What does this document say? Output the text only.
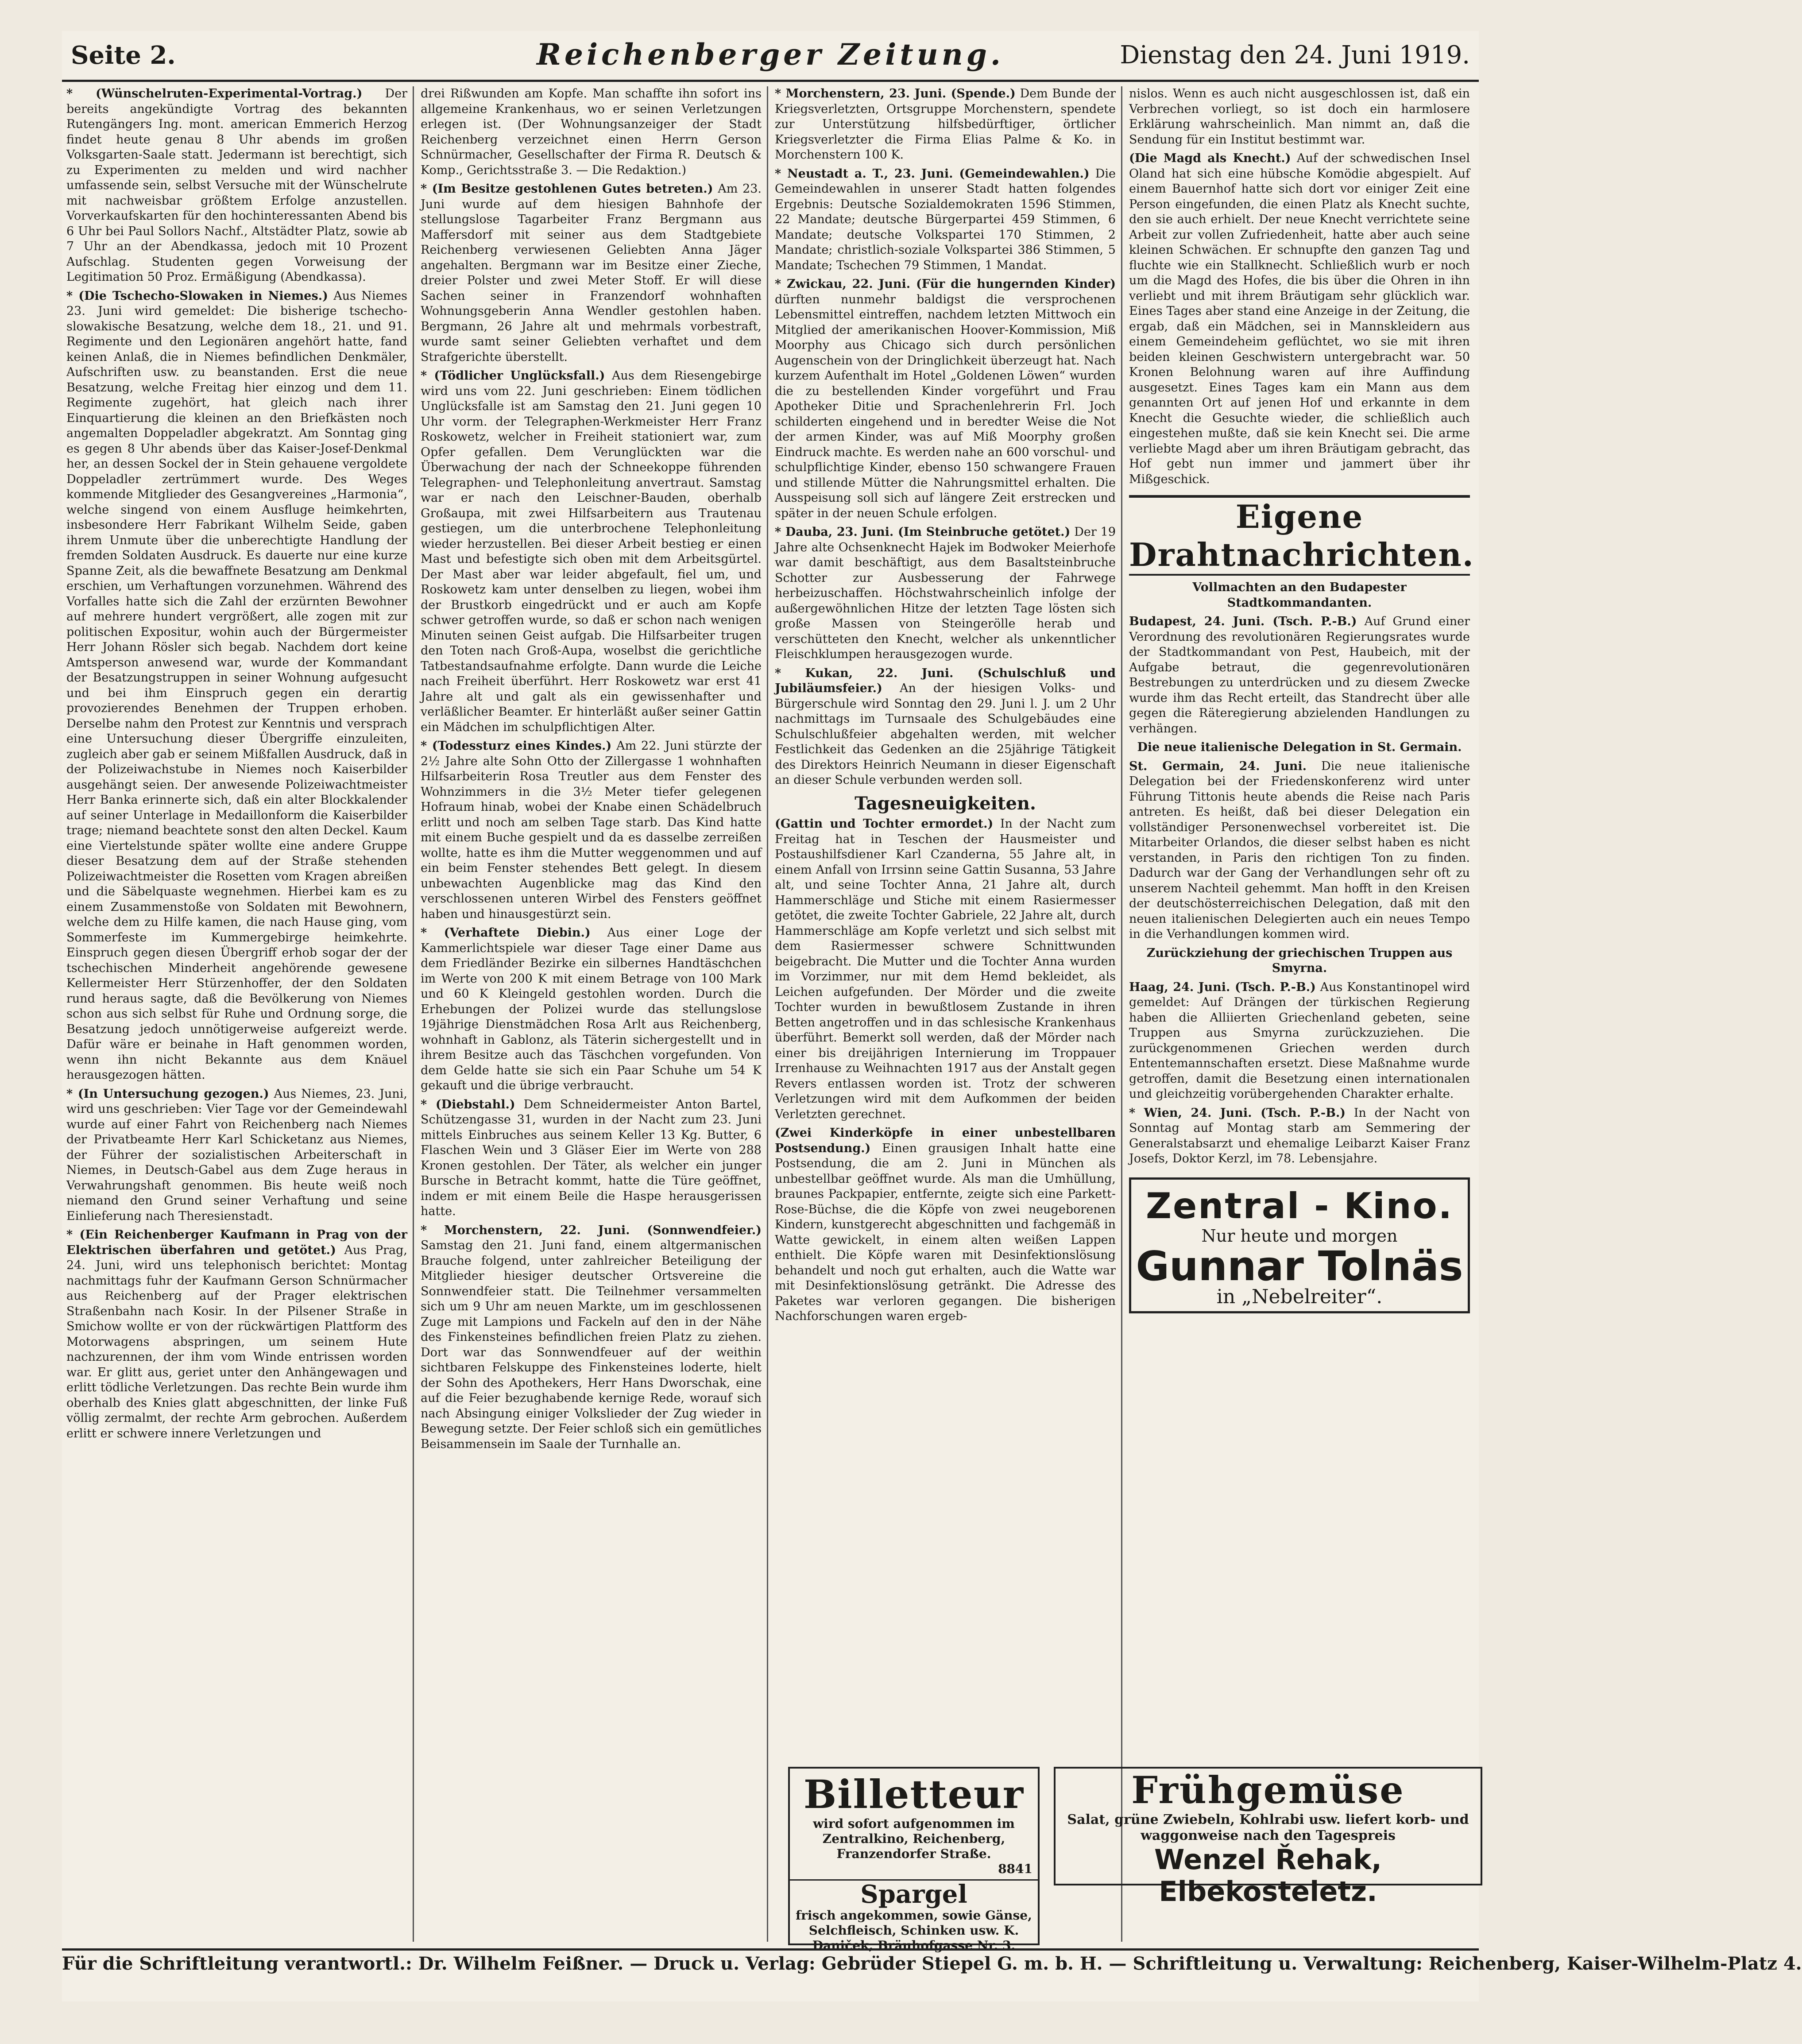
Seite 2.	Reichenberger Zeitung.	Dienstag den 24. Juni 1919.

* (Wünschelruten-Experimental-Vortrag.) Der bereits angekündigte Vortrag des bekannten Rutengängers Ing. mont. american Emmerich Herzog findet heute genau 8 Uhr abends im großen Volksgarten-Saale statt. Jedermann ist berechtigt, sich zu Experimenten zu melden und wird nachher umfassende sein, selbst Versuche mit der Wünschelrute mit nachweisbar größtem Erfolge anzustellen. Vorverkaufskarten für den hochinteressanten Abend bis 6 Uhr bei Paul Sollors Nachf., Altstädter Platz, sowie ab 7 Uhr an der Abendkassa, jedoch mit 10 Prozent Aufschlag. Studenten gegen Vorweisung der Legitimation 50 Proz. Ermäßigung (Abendkassa).

* (Die Tschecho-Slowaken in Niemes.) Aus Niemes 23. Juni wird gemeldet: Die bisherige tschecho-slowakische Besatzung, welche dem 18., 21. und 91. Regimente und den Legionären angehört hatte, fand keinen Anlaß, die in Niemes befindlichen Denkmäler, Aufschriften usw. zu beanstanden. Erst die neue Besatzung, welche Freitag hier einzog und dem 11. Regimente zugehört, hat gleich nach ihrer Einquartierung die kleinen an den Briefkästen noch angemalten Doppeladler abgekratzt. Am Sonntag ging es gegen 8 Uhr abends über das Kaiser-Josef-Denkmal her, an dessen Sockel der in Stein gehauene vergoldete Doppeladler zertrümmert wurde. Des Weges kommende Mitglieder des Gesangvereines „Harmonia“, welche singend von einem Ausfluge heimkehrten, insbesondere Herr Fabrikant Wilhelm Seide, gaben ihrem Unmute über die unberechtigte Handlung der fremden Soldaten Ausdruck. Es dauerte nur eine kurze Spanne Zeit, als die bewaffnete Besatzung am Denkmal erschien, um Verhaftungen vorzunehmen. Während des Vorfalles hatte sich die Zahl der erzürnten Bewohner auf mehrere hundert vergrößert, alle zogen mit zur politischen Expositur, wohin auch der Bürgermeister Herr Johann Rösler sich begab. Nachdem dort keine Amtsperson anwesend war, wurde der Kommandant der Besatzungstruppen in seiner Wohnung aufgesucht und bei ihm Einspruch gegen ein derartig provozierendes Benehmen der Truppen erhoben. Derselbe nahm den Protest zur Kenntnis und versprach eine Untersuchung dieser Übergriffe einzuleiten, zugleich aber gab er seinem Mißfallen Ausdruck, daß in der Polizeiwachstube in Niemes noch Kaiserbilder ausgehängt seien. Der anwesende Polizeiwachtmeister Herr Banka erinnerte sich, daß ein alter Blockkalender auf seiner Unterlage in Medaillonform die Kaiserbilder trage; niemand beachtete sonst den alten Deckel. Kaum eine Viertelstunde später wollte eine andere Gruppe dieser Besatzung dem auf der Straße stehenden Polizeiwachtmeister die Rosetten vom Kragen abreißen und die Säbelquaste wegnehmen. Hierbei kam es zu einem Zusammenstoße von Soldaten mit Bewohnern, welche dem zu Hilfe kamen, die nach Hause ging, vom Sommerfeste im Kummergebirge heimkehrte. Einspruch gegen diesen Übergriff erhob sogar der der tschechischen Minderheit angehörende gewesene Kellermeister Herr Stürzenhoffer, der den Soldaten rund heraus sagte, daß die Bevölkerung von Niemes schon aus sich selbst für Ruhe und Ordnung sorge, die Besatzung jedoch unnötigerweise aufgereizt werde. Dafür wäre er beinahe in Haft genommen worden, wenn ihn nicht Bekannte aus dem Knäuel herausgezogen hätten.

* (In Untersuchung gezogen.) Aus Niemes, 23. Juni, wird uns geschrieben: Vier Tage vor der Gemeindewahl wurde auf einer Fahrt von Reichenberg nach Niemes der Privatbeamte Herr Karl Schicketanz aus Niemes, der Führer der sozialistischen Arbeiterschaft in Niemes, in Deutsch-Gabel aus dem Zuge heraus in Verwahrungshaft genommen. Bis heute weiß noch niemand den Grund seiner Verhaftung und seine Einlieferung nach Theresienstadt.

* (Ein Reichenberger Kaufmann in Prag von der Elektrischen überfahren und getötet.) Aus Prag, 24. Juni, wird uns telephonisch berichtet: Montag nachmittags fuhr der Kaufmann Gerson Schnürmacher aus Reichenberg auf der Prager elektrischen Straßenbahn nach Kosir. In der Pilsener Straße in Smichow wollte er von der rückwärtigen Plattform des Motorwagens abspringen, um seinem Hute nachzurennen, der ihm vom Winde entrissen worden war. Er glitt aus, geriet unter den Anhängewagen und erlitt tödliche Verletzungen. Das rechte Bein wurde ihm oberhalb des Knies glatt abgeschnitten, der linke Fuß völlig zermalmt, der rechte Arm gebrochen. Außerdem erlitt er schwere innere Verletzungen und

drei Rißwunden am Kopfe. Man schaffte ihn sofort ins allgemeine Krankenhaus, wo er seinen Verletzungen erlegen ist. (Der Wohnungsanzeiger der Stadt Reichenberg verzeichnet einen Herrn Gerson Schnürmacher, Gesellschafter der Firma R. Deutsch & Komp., Gerichtsstraße 3. — Die Redaktion.)

* (Im Besitze gestohlenen Gutes betreten.) Am 23. Juni wurde auf dem hiesigen Bahnhofe der stellungslose Tagarbeiter Franz Bergmann aus Maffersdorf mit seiner aus dem Stadtgebiete Reichenberg verwiesenen Geliebten Anna Jäger angehalten. Bergmann war im Besitze einer Zieche, dreier Polster und zwei Meter Stoff. Er will diese Sachen seiner in Franzendorf wohnhaften Wohnungsgeberin Anna Wendler gestohlen haben. Bergmann, 26 Jahre alt und mehrmals vorbestraft, wurde samt seiner Geliebten verhaftet und dem Strafgerichte überstellt.

* (Tödlicher Unglücksfall.) Aus dem Riesengebirge wird uns vom 22. Juni geschrieben: Einem tödlichen Unglücksfalle ist am Samstag den 21. Juni gegen 10 Uhr vorm. der Telegraphen-Werkmeister Herr Franz Roskowetz, welcher in Freiheit stationiert war, zum Opfer gefallen. Dem Verunglückten war die Überwachung der nach der Schneekoppe führenden Telegraphen- und Telephonleitung anvertraut. Samstag war er nach den Leischner-Bauden, oberhalb Großaupa, mit zwei Hilfsarbeitern aus Trautenau gestiegen, um die unterbrochene Telephonleitung wieder herzustellen. Bei dieser Arbeit bestieg er einen Mast und befestigte sich oben mit dem Arbeitsgürtel. Der Mast aber war leider abgefault, fiel um, und Roskowetz kam unter denselben zu liegen, wobei ihm der Brustkorb eingedrückt und er auch am Kopfe schwer getroffen wurde, so daß er schon nach wenigen Minuten seinen Geist aufgab. Die Hilfsarbeiter trugen den Toten nach Groß-Aupa, woselbst die gerichtliche Tatbestandsaufnahme erfolgte. Dann wurde die Leiche nach Freiheit überführt. Herr Roskowetz war erst 41 Jahre alt und galt als ein gewissenhafter und verläßlicher Beamter. Er hinterläßt außer seiner Gattin ein Mädchen im schulpflichtigen Alter.

* (Todessturz eines Kindes.) Am 22. Juni stürzte der 2½ Jahre alte Sohn Otto der Zillergasse 1 wohnhaften Hilfsarbeiterin Rosa Treutler aus dem Fenster des Wohnzimmers in die 3½ Meter tiefer gelegenen Hofraum hinab, wobei der Knabe einen Schädelbruch erlitt und noch am selben Tage starb. Das Kind hatte mit einem Buche gespielt und da es dasselbe zerreißen wollte, hatte es ihm die Mutter weggenommen und auf ein beim Fenster stehendes Bett gelegt. In diesem unbewachten Augenblicke mag das Kind den verschlossenen unteren Wirbel des Fensters geöffnet haben und hinausgestürzt sein.

* (Verhaftete Diebin.) Aus einer Loge der Kammerlichtspiele war dieser Tage einer Dame aus dem Friedländer Bezirke ein silbernes Handtäschchen im Werte von 200 K mit einem Betrage von 100 Mark und 60 K Kleingeld gestohlen worden. Durch die Erhebungen der Polizei wurde das stellungslose 19jährige Dienstmädchen Rosa Arlt aus Reichenberg, wohnhaft in Gablonz, als Täterin sichergestellt und in ihrem Besitze auch das Täschchen vorgefunden. Von dem Gelde hatte sie sich ein Paar Schuhe um 54 K gekauft und die übrige verbraucht.

* (Diebstahl.) Dem Schneidermeister Anton Bartel, Schützengasse 31, wurden in der Nacht zum 23. Juni mittels Einbruches aus seinem Keller 13 Kg. Butter, 6 Flaschen Wein und 3 Gläser Eier im Werte von 288 Kronen gestohlen. Der Täter, als welcher ein junger Bursche in Betracht kommt, hatte die Türe geöffnet, indem er mit einem Beile die Haspe herausgerissen hatte.

* Morchenstern, 22. Juni. (Sonnwendfeier.) Samstag den 21. Juni fand, einem altgermanischen Brauche folgend, unter zahlreicher Beteiligung der Mitglieder hiesiger deutscher Ortsvereine die Sonnwendfeier statt. Die Teilnehmer versammelten sich um 9 Uhr am neuen Markte, um im geschlossenen Zuge mit Lampions und Fackeln auf den in der Nähe des Finkensteines befindlichen freien Platz zu ziehen. Dort war das Sonnwendfeuer auf der weithin sichtbaren Felskuppe des Finkensteines loderte, hielt der Sohn des Apothekers, Herr Hans Dworschak, eine auf die Feier bezughabende kernige Rede, worauf sich nach Absingung einiger Volkslieder der Zug wieder in Bewegung setzte. Der Feier schloß sich ein gemütliches Beisammensein im Saale der Turnhalle an.

* Morchenstern, 23. Juni. (Spende.) Dem Bunde der Kriegsverletzten, Ortsgruppe Morchenstern, spendete zur Unterstützung hilfsbedürftiger, örtlicher Kriegsverletzter die Firma Elias Palme & Ko. in Morchenstern 100 K.

* Neustadt a. T., 23. Juni. (Gemeindewahlen.) Die Gemeindewahlen in unserer Stadt hatten folgendes Ergebnis: Deutsche Sozialdemokraten 1596 Stimmen, 22 Mandate; deutsche Bürgerpartei 459 Stimmen, 6 Mandate; deutsche Volkspartei 170 Stimmen, 2 Mandate; christlich-soziale Volkspartei 386 Stimmen, 5 Mandate; Tschechen 79 Stimmen, 1 Mandat.

* Zwickau, 22. Juni. (Für die hungernden Kinder) dürften nunmehr baldigst die versprochenen Lebensmittel eintreffen, nachdem letzten Mittwoch ein Mitglied der amerikanischen Hoover-Kommission, Miß Moorphy aus Chicago sich durch persönlichen Augenschein von der Dringlichkeit überzeugt hat. Nach kurzem Aufenthalt im Hotel „Goldenen Löwen“ wurden die zu bestellenden Kinder vorgeführt und Frau Apotheker Ditie und Sprachenlehrerin Frl. Joch schilderten eingehend und in beredter Weise die Not der armen Kinder, was auf Miß Moorphy großen Eindruck machte. Es werden nahe an 600 vorschul- und schulpflichtige Kinder, ebenso 150 schwangere Frauen und stillende Mütter die Nahrungsmittel erhalten. Die Ausspeisung soll sich auf längere Zeit erstrecken und später in der neuen Schule erfolgen.

* Dauba, 23. Juni. (Im Steinbruche getötet.) Der 19 Jahre alte Ochsenknecht Hajek im Bodwoker Meierhofe war damit beschäftigt, aus dem Basaltsteinbruche Schotter zur Ausbesserung der Fahrwege herbeizuschaffen. Höchstwahrscheinlich infolge der außergewöhnlichen Hitze der letzten Tage lösten sich große Massen von Steingerölle herab und verschütteten den Knecht, welcher als unkenntlicher Fleischklumpen herausgezogen wurde.

* Kukan, 22. Juni. (Schulschluß und Jubiläumsfeier.) An der hiesigen Volks- und Bürgerschule wird Sonntag den 29. Juni l. J. um 2 Uhr nachmittags im Turnsaale des Schulgebäudes eine Schulschlußfeier abgehalten werden, mit welcher Festlichkeit das Gedenken an die 25jährige Tätigkeit des Direktors Heinrich Neumann in dieser Eigenschaft an dieser Schule verbunden werden soll.

Tagesneuigkeiten.

(Gattin und Tochter ermordet.) In der Nacht zum Freitag hat in Teschen der Hausmeister und Postaushilfsdiener Karl Czanderna, 55 Jahre alt, in einem Anfall von Irrsinn seine Gattin Susanna, 53 Jahre alt, und seine Tochter Anna, 21 Jahre alt, durch Hammerschläge und Stiche mit einem Rasiermesser getötet, die zweite Tochter Gabriele, 22 Jahre alt, durch Hammerschläge am Kopfe verletzt und sich selbst mit dem Rasiermesser schwere Schnittwunden beigebracht. Die Mutter und die Tochter Anna wurden im Vorzimmer, nur mit dem Hemd bekleidet, als Leichen aufgefunden. Der Mörder und die zweite Tochter wurden in bewußtlosem Zustande in ihren Betten angetroffen und in das schlesische Krankenhaus überführt. Bemerkt soll werden, daß der Mörder nach einer bis dreijährigen Internierung im Troppauer Irrenhause zu Weihnachten 1917 aus der Anstalt gegen Revers entlassen worden ist. Trotz der schweren Verletzungen wird mit dem Aufkommen der beiden Verletzten gerechnet.

(Zwei Kinderköpfe in einer unbestellbaren Postsendung.) Einen grausigen Inhalt hatte eine Postsendung, die am 2. Juni in München als unbestellbar geöffnet wurde. Als man die Umhüllung, braunes Packpapier, entfernte, zeigte sich eine Parkett-Rose-Büchse, die die Köpfe von zwei neugeborenen Kindern, kunstgerecht abgeschnitten und fachgemäß in Watte gewickelt, in einem alten weißen Lappen enthielt. Die Köpfe waren mit Desinfektionslösung behandelt und noch gut erhalten, auch die Watte war mit Desinfektionslösung getränkt. Die Adresse des Paketes war verloren gegangen. Die bisherigen Nachforschungen waren ergeb-

nislos. Wenn es auch nicht ausgeschlossen ist, daß ein Verbrechen vorliegt, so ist doch ein harmlosere Erklärung wahrscheinlich. Man nimmt an, daß die Sendung für ein Institut bestimmt war.

(Die Magd als Knecht.) Auf der schwedischen Insel Oland hat sich eine hübsche Komödie abgespielt. Auf einem Bauernhof hatte sich dort vor einiger Zeit eine Person eingefunden, die einen Platz als Knecht suchte, den sie auch erhielt. Der neue Knecht verrichtete seine Arbeit zur vollen Zufriedenheit, hatte aber auch seine kleinen Schwächen. Er schnupfte den ganzen Tag und fluchte wie ein Stallknecht. Schließlich wurb er noch um die Magd des Hofes, die bis über die Ohren in ihn verliebt und mit ihrem Bräutigam sehr glücklich war. Eines Tages aber stand eine Anzeige in der Zeitung, die ergab, daß ein Mädchen, sei in Mannskleidern aus einem Gemeindeheim geflüchtet, wo sie mit ihren beiden kleinen Geschwistern untergebracht war. 50 Kronen Belohnung waren auf ihre Auffindung ausgesetzt. Eines Tages kam ein Mann aus dem genannten Ort auf jenen Hof und erkannte in dem Knecht die Gesuchte wieder, die schließlich auch eingestehen mußte, daß sie kein Knecht sei. Die arme verliebte Magd aber um ihren Bräutigam gebracht, das Hof gebt nun immer und jammert über ihr Mißgeschick.

Eigene Drahtnachrichten.
Vollmachten an den Budapester Stadtkommandanten.

Budapest, 24. Juni. (Tsch. P.-B.) Auf Grund einer Verordnung des revolutionären Regierungsrates wurde der Stadtkommandant von Pest, Haubeich, mit der Aufgabe betraut, die gegenrevolutionären Bestrebungen zu unterdrücken und zu diesem Zwecke wurde ihm das Recht erteilt, das Standrecht über alle gegen die Räteregierung abzielenden Handlungen zu verhängen.

Die neue italienische Delegation in St. Germain.

St. Germain, 24. Juni. Die neue italienische Delegation bei der Friedenskonferenz wird unter Führung Tittonis heute abends die Reise nach Paris antreten. Es heißt, daß bei dieser Delegation ein vollständiger Personenwechsel vorbereitet ist. Die Mitarbeiter Orlandos, die dieser selbst haben es nicht verstanden, in Paris den richtigen Ton zu finden. Dadurch war der Gang der Verhandlungen sehr oft zu unserem Nachteil gehemmt. Man hofft in den Kreisen der deutschösterreichischen Delegation, daß mit den neuen italienischen Delegierten auch ein neues Tempo in die Verhandlungen kommen wird.

Zurückziehung der griechischen Truppen aus Smyrna.

Haag, 24. Juni. (Tsch. P.-B.) Aus Konstantinopel wird gemeldet: Auf Drängen der türkischen Regierung haben die Alliierten Griechenland gebeten, seine Truppen aus Smyrna zurückzuziehen. Die zurückgenommenen Griechen werden durch Ententemannschaften ersetzt. Diese Maßnahme wurde getroffen, damit die Besetzung einen internationalen und gleichzeitig vorübergehenden Charakter erhalte.

* Wien, 24. Juni. (Tsch. P.-B.) In der Nacht von Sonntag auf Montag starb am Semmering der Generalstabsarzt und ehemalige Leibarzt Kaiser Franz Josefs, Doktor Kerzl, im 78. Lebensjahre.

Zentral - Kino.
Nur heute und morgen
Gunnar Tolnäs
in „Nebelreiter“.
Billetteur
wird sofort aufgenommen im Zentralkino, Reichenberg, Franzendorfer Straße.
8841
Spargel
frisch angekommen, sowie Gänse, Selchfleisch, Schinken usw. K. Daniček, Bräuhofgasse Nr. 3.
Frühgemüse
Salat, grüne Zwiebeln, Kohlrabi usw. liefert korb- und waggonweise nach den Tagespreis
Wenzel Řehak, Elbekosteletz.
Für die Schriftleitung verantwortl.: Dr. Wilhelm Feißner. — Druck u. Verlag: Gebrüder Stiepel G. m. b. H. — Schriftleitung u. Verwaltung: Reichenberg, Kaiser-Wilhelm-Platz 4.
